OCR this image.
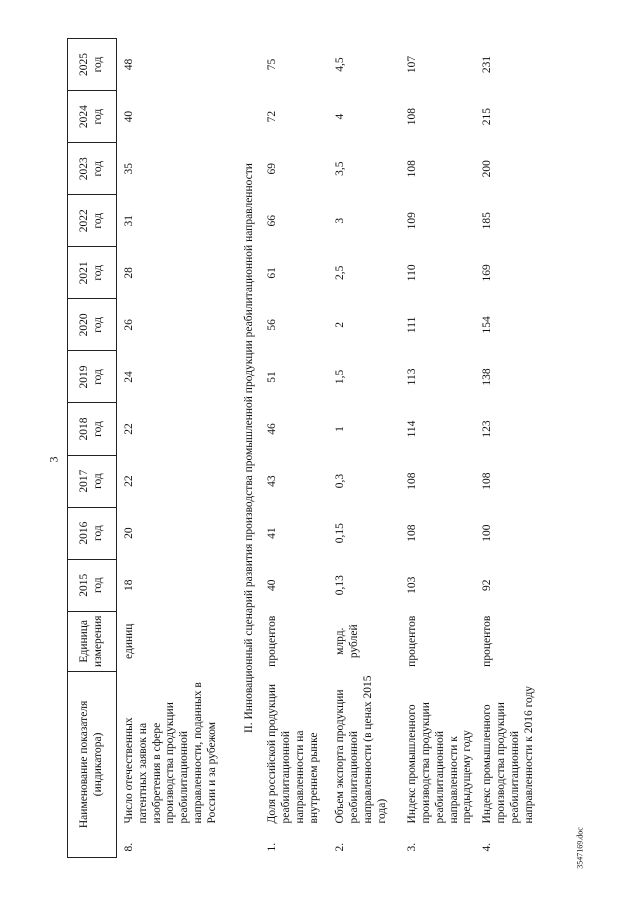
3
Наименование показателя (индикатора)		Единица измерения	2015 год	2016 год	2017 год	2018 год	2019 год	2020 год	2021 год	2022 год	2023 год	2024 год	2025 год

8.	Число отечественных патентных заявок на изобретения в сфере производства продукции реабилитационной направленности, поданных в России и за рубежом	единиц	18	20	22	22	24	26	28	31	35	40	48
II. Инновационный сценарий развития производства промышленной продукции реабилитационной направленности													
1.	Доля российской продукции реабилитационной направленности на внутреннем рынке	процентов	40	41	43	46	51	56	61	66	69	72	75
2.	Объем экспорта продукции реабилитационной направленности (в ценах 2015 года)	млрд. рублей	0,13	0,15	0,3	1	1,5	2	2,5	3	3,5	4	4,5
3.	Индекс промышленного производства продукции реабилитационной направленности к предыдущему году	процентов	103	108	108	114	113	111	110	109	108	108	107
4.	Индекс промышленного производства продукции реабилитационной направленности к 2016 году	процентов	92	100	108	123	138	154	169	185	200	215	231
3547169.doc
